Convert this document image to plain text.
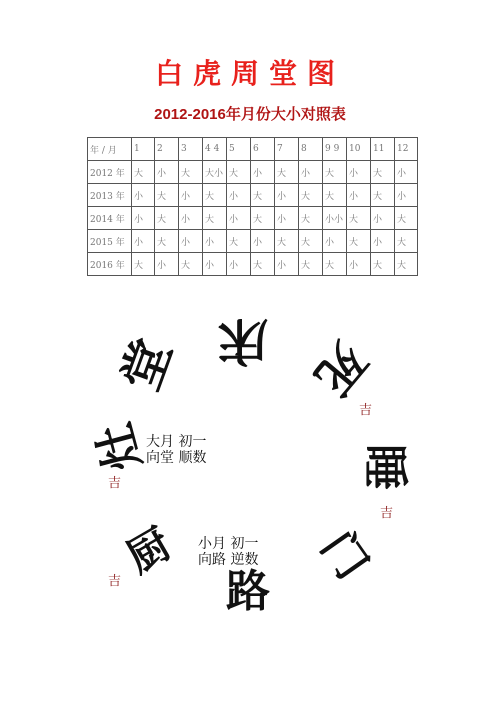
白虎周堂图
2012-2016年月份大小对照表
年 / 月	1	2	3	4 4	5	6	7	8	9 9	10	11	12
2012 年	大	小	大	大小	大	小	大	小	大	小	大	小
2013 年	小	大	小	大	小	大	小	大	大	小	大	小
2014 年	小	大	小	大	小	大	小	大	小小	大	小	大
2015 年	小	大	小	小	大	小	大	大	小	大	小	大
2016 年	大	小	大	小	小	大	小	大	大	小	大	大
堂 床 死
吉
灶
吉	睡
吉
大月 初一
向堂 顺数
小月 初一
向路 逆数
厨
吉	门
路
